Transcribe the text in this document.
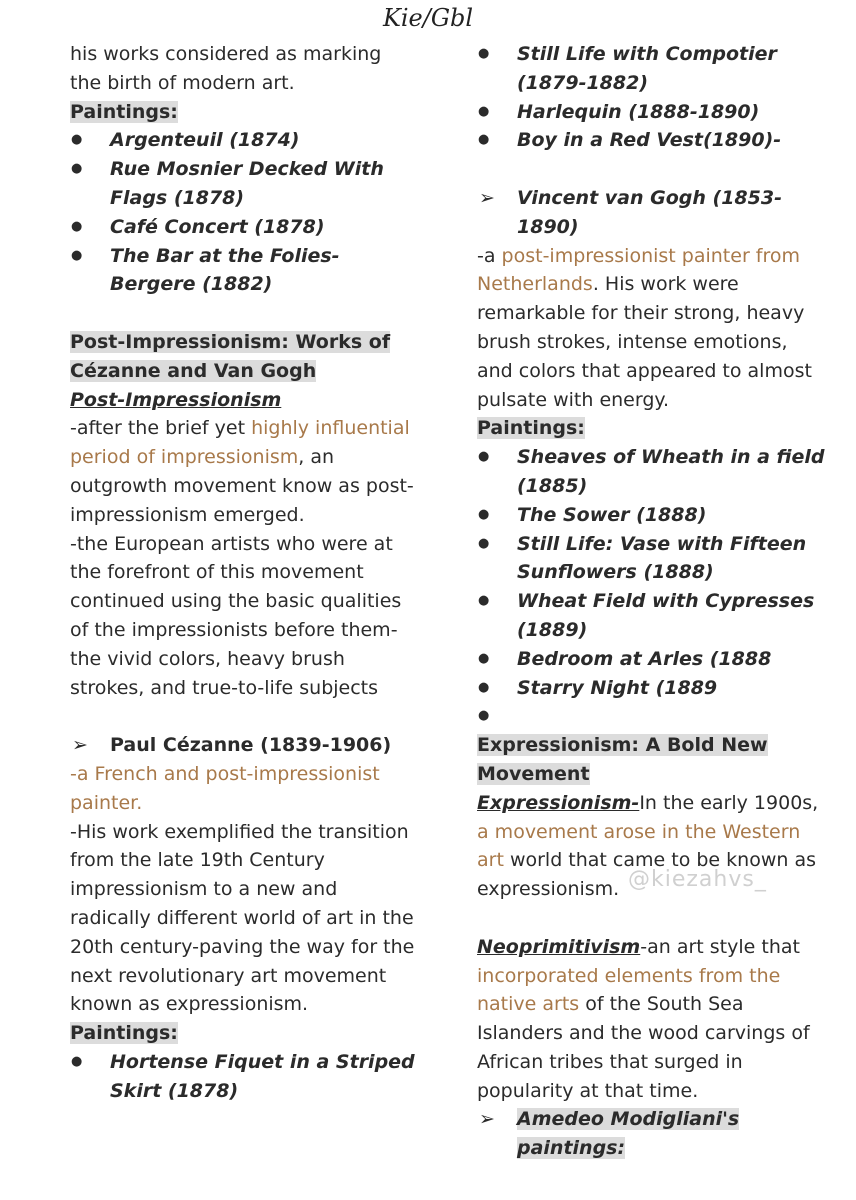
Kie/Gbl

his works considered as marking

the birth of modern art.

Paintings:

● Argenteuil (1874)
● Rue Mosnier Decked With Flags (1878)
● Café Concert (1878)
● The Bar at the Folies-Bergere (1882)

Post-Impressionism: Works of

Cézanne and Van Gogh

Post-Impressionism

-after the brief yet highly influential period of impressionism, an outgrowth movement know as post-impressionism emerged.

-the European artists who were at the forefront of this movement continued using the basic qualities of the impressionists before them-the vivid colors, heavy brush strokes, and true-to-life subjects

➢ Paul Cézanne (1839-1906)

-a French and post-impressionist painter.

-His work exemplified the transition from the late 19th Century impressionism to a new and radically different world of art in the 20th century-paving the way for the next revolutionary art movement known as expressionism.

Paintings:

● Hortense Fiquet in a Striped Skirt (1878)
● Still Life with Compotier (1879-1882)
● Harlequin (1888-1890)
● Boy in a Red Vest(1890)-

➢ Vincent van Gogh (1853-1890)

-a post-impressionist painter from Netherlands. His work were remarkable for their strong, heavy brush strokes, intense emotions, and colors that appeared to almost pulsate with energy.

Paintings:

● Sheaves of Wheath in a field (1885)
● The Sower (1888)
● Still Life: Vase with Fifteen Sunflowers (1888)
● Wheat Field with Cypresses (1889)
● Bedroom at Arles (1888
● Starry Night (1889
●

Expressionism: A Bold New

Movement

Expressionism-In the early 1900s, a movement arose in the Western art world that came to be known as expressionism.

Neoprimitivism-an art style that incorporated elements from the native arts of the South Sea Islanders and the wood carvings of African tribes that surged in popularity at that time.

➢ Amedeo Modigliani's paintings:

@kiezahvs_
